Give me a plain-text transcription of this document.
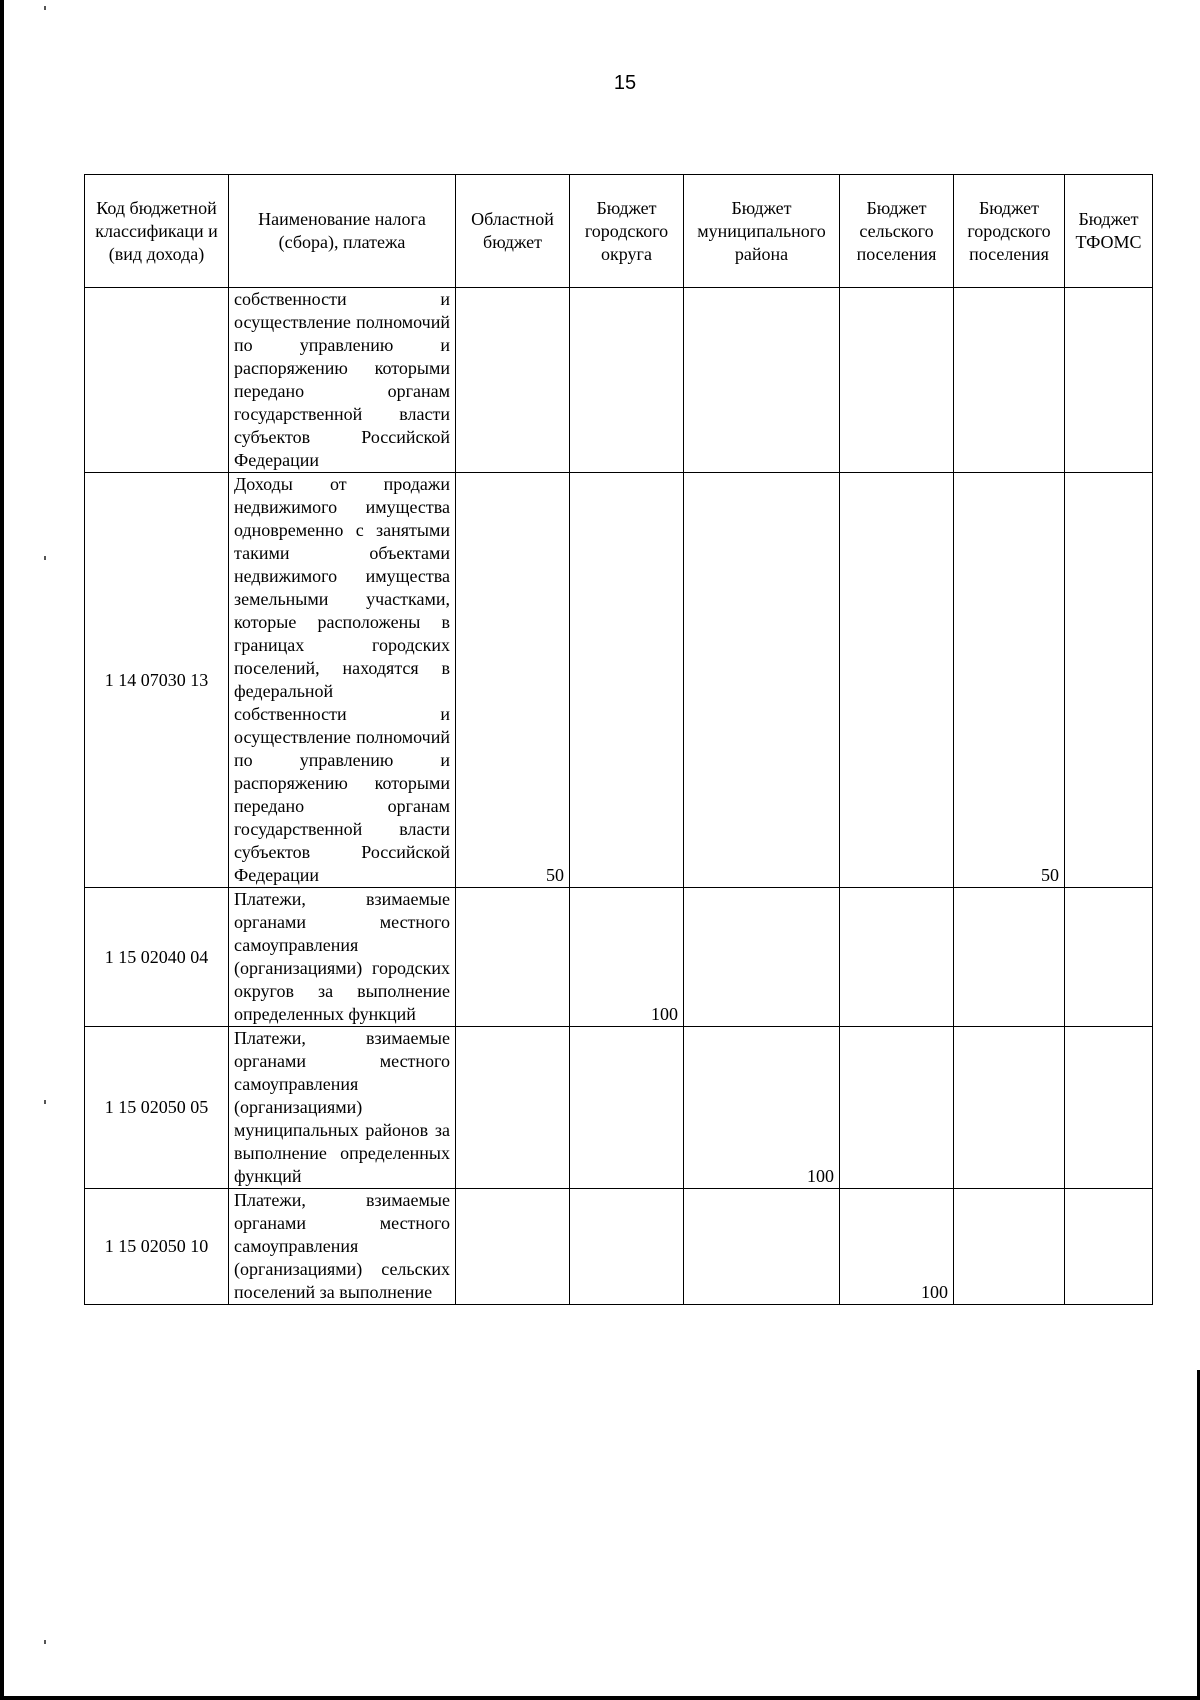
15
Код бюджетной классификаци и (вид дохода)	Наименование налога (сбора), платежа	Областной бюджет	Бюджет городского округа	Бюджет муниципального района	Бюджет сельского поселения	Бюджет городского поселения	Бюджет ТФОМС
	собственности и осуществление полномочий по управлению и распоряжению которыми передано органам государственной власти субъектов Российской Федерации						
1 14 07030 13	Доходы от продажи недвижимого имущества одновременно с занятыми такими объектами недвижимого имущества земельными участками, которые расположены в границах городских поселений, находятся в федеральной собственности и осуществление полномочий по управлению и распоряжению которыми передано органам государственной власти субъектов Российской Федерации	50				50	
1 15 02040 04	Платежи, взимаемые органами местного самоуправления (организациями) городских округов за выполнение определенных функций		100				
1 15 02050 05	Платежи, взимаемые органами местного самоуправления (организациями) муниципальных районов за выполнение определенных функций			100			
1 15 02050 10	Платежи, взимаемые органами местного самоуправления (организациями) сельских поселений за выполнение				100		
